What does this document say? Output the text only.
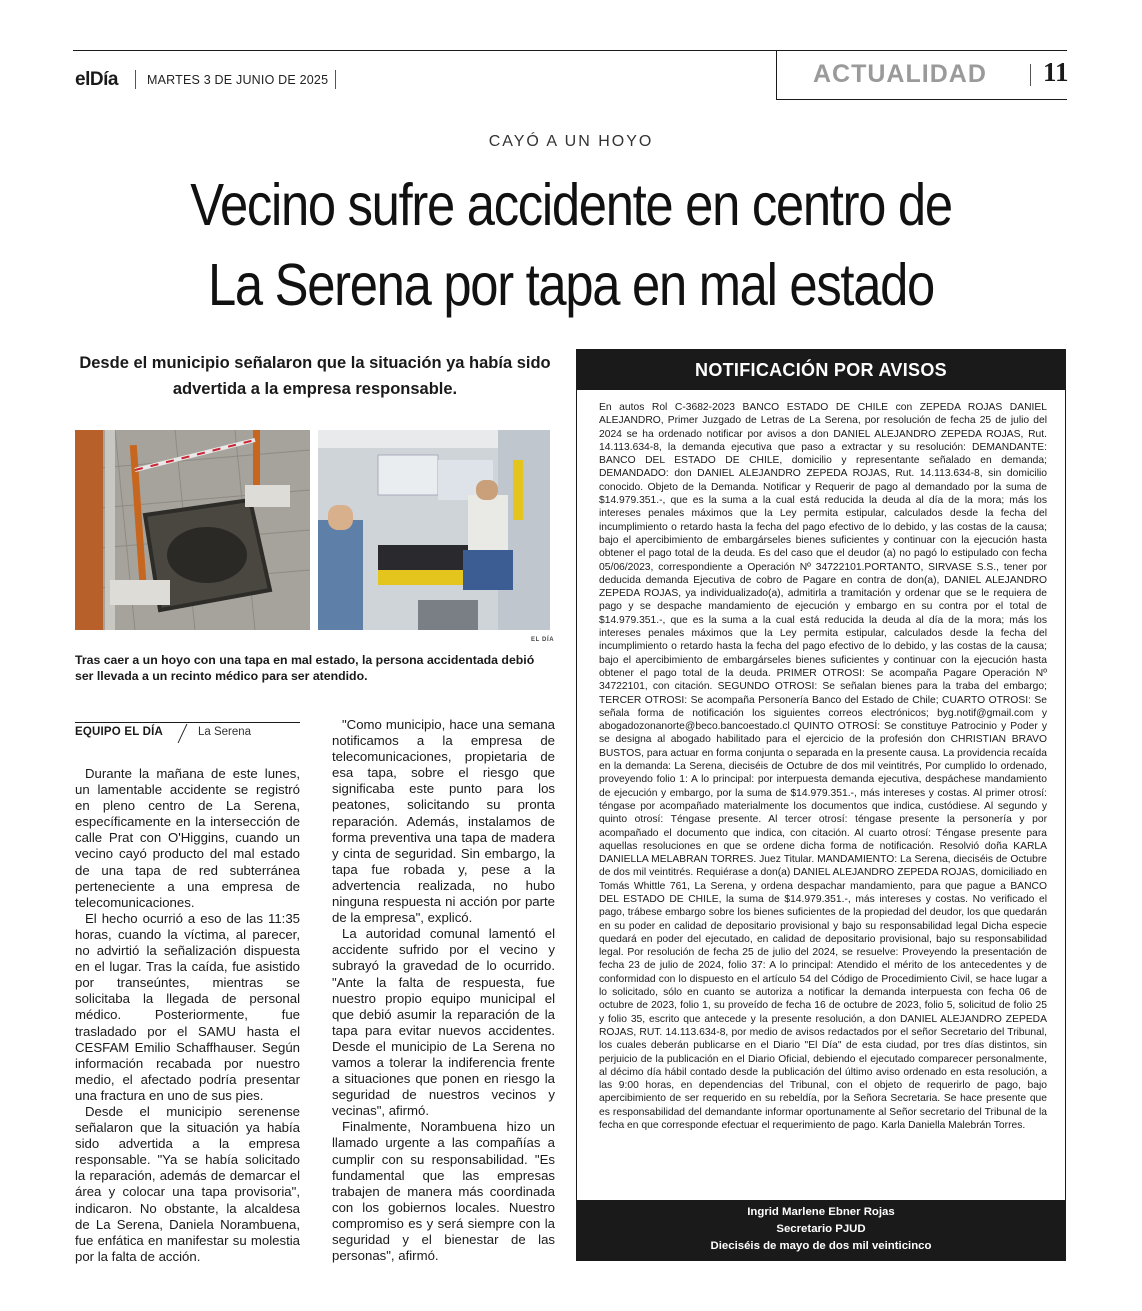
elDía MARTES 3 DE JUNIO DE 2025	ACTUALIDAD 11
CAYÓ A UN HOYO
Vecino sufre accidente en centro de
La Serena por tapa en mal estado
Desde el municipio señalaron que la situación ya había sido advertida a la empresa responsable.
EL DÍA
Tras caer a un hoyo con una tapa en mal estado, la persona accidentada debió ser llevada a un recinto médico para ser atendido.
EQUIPO EL DÍA	La Serena

Durante la mañana de este lunes, un lamentable accidente se registró en pleno centro de La Serena, específicamente en la intersección de calle Prat con O'Higgins, cuando un vecino cayó producto del mal estado de una tapa de red subterránea perteneciente a una empresa de telecomunicaciones.

El hecho ocurrió a eso de las 11:35 horas, cuando la víctima, al parecer, no advirtió la señalización dispuesta en el lugar. Tras la caída, fue asistido por transeúntes, mientras se solicitaba la llegada de personal médico. Posteriormente, fue trasladado por el SAMU hasta el CESFAM Emilio Schaffhauser. Según información recabada por nuestro medio, el afectado podría presentar una fractura en uno de sus pies.

Desde el municipio serenense señalaron que la situación ya había sido advertida a la empresa responsable. "Ya se había solicitado la reparación, además de demarcar el área y colocar una tapa provisoria", indicaron. No obstante, la alcaldesa de La Serena, Daniela Norambuena, fue enfática en manifestar su molestia por la falta de acción.

"Como municipio, hace una semana notificamos a la empresa de telecomunicaciones, propietaria de esa tapa, sobre el riesgo que significaba este punto para los peatones, solicitando su pronta reparación. Además, instalamos de forma preventiva una tapa de madera y cinta de seguridad. Sin embargo, la tapa fue robada y, pese a la advertencia realizada, no hubo ninguna respuesta ni acción por parte de la empresa", explicó.

La autoridad comunal lamentó el accidente sufrido por el vecino y subrayó la gravedad de lo ocurrido. "Ante la falta de respuesta, fue nuestro propio equipo municipal el que debió asumir la reparación de la tapa para evitar nuevos accidentes. Desde el municipio de La Serena no vamos a tolerar la indiferencia frente a situaciones que ponen en riesgo la seguridad de nuestros vecinos y vecinas", afirmó.

Finalmente, Norambuena hizo un llamado urgente a las compañías a cumplir con su responsabilidad. "Es fundamental que las empresas trabajen de manera más coordinada con los gobiernos locales. Nuestro compromiso es y será siempre con la seguridad y el bienestar de las personas", afirmó.

NOTIFICACIÓN POR AVISOS
En autos Rol C-3682-2023 BANCO ESTADO DE CHILE con ZEPEDA ROJAS DANIEL ALEJANDRO, Primer Juzgado de Letras de La Serena, por resolución de fecha 25 de julio del 2024 se ha ordenado notificar por avisos a don DANIEL ALEJANDRO ZEPEDA ROJAS, Rut. 14.113.634-8, la demanda ejecutiva que paso a extractar y su resolución: DEMANDANTE: BANCO DEL ESTADO DE CHILE, domicilio y representante señalado en demanda; DEMANDADO: don DANIEL ALEJANDRO ZEPEDA ROJAS, Rut. 14.113.634-8, sin domicilio conocido. Objeto de la Demanda. Notificar y Requerir de pago al demandado por la suma de $14.979.351.-, que es la suma a la cual está reducida la deuda al día de la mora; más los intereses penales máximos que la Ley permita estipular, calculados desde la fecha del incumplimiento o retardo hasta la fecha del pago efectivo de lo debido, y las costas de la causa; bajo el apercibimiento de embargárseles bienes suficientes y continuar con la ejecución hasta obtener el pago total de la deuda. Es del caso que el deudor (a) no pagó lo estipulado con fecha 05/06/2023, correspondiente a Operación Nº 34722101.PORTANTO, SIRVASE S.S., tener por deducida demanda Ejecutiva de cobro de Pagare en contra de don(a), DANIEL ALEJANDRO ZEPEDA ROJAS, ya individualizado(a), admitirla a tramitación y ordenar que se le requiera de pago y se despache mandamiento de ejecución y embargo en su contra por el total de $14.979.351.-, que es la suma a la cual está reducida la deuda al día de la mora; más los intereses penales máximos que la Ley permita estipular, calculados desde la fecha del incumplimiento o retardo hasta la fecha del pago efectivo de lo debido, y las costas de la causa; bajo el apercibimiento de embargárseles bienes suficientes y continuar con la ejecución hasta obtener el pago total de la deuda. PRIMER OTROSI: Se acompaña Pagare Operación Nº 34722101, con citación. SEGUNDO OTROSI: Se señalan bienes para la traba del embargo; TERCER OTROSI: Se acompaña Personería Banco del Estado de Chile; CUARTO OTROSI: Se señala forma de notificación los siguientes correos electrónicos; byg.notif@gmail.com y abogadozonanorte@beco.bancoestado.cl QUINTO OTROSÍ: Se constituye Patrocinio y Poder y se designa al abogado habilitado para el ejercicio de la profesión don CHRISTIAN BRAVO BUSTOS, para actuar en forma conjunta o separada en la presente causa. La providencia recaída en la demanda: La Serena, dieciséis de Octubre de dos mil veintitrés, Por cumplido lo ordenado, proveyendo folio 1: A lo principal: por interpuesta demanda ejecutiva, despáchese mandamiento de ejecución y embargo, por la suma de $14.979.351.-, más intereses y costas. Al primer otrosí: téngase por acompañado materialmente los documentos que indica, custódiese. Al segundo y quinto otrosí: Téngase presente. Al tercer otrosí: téngase presente la personería y por acompañado el documento que indica, con citación. Al cuarto otrosí: Téngase presente para aquellas resoluciones en que se ordene dicha forma de notificación. Resolvió doña KARLA DANIELLA MELABRAN TORRES. Juez Titular. MANDAMIENTO: La Serena, dieciséis de Octubre de dos mil veintitrés. Requiérase a don(a) DANIEL ALEJANDRO ZEPEDA ROJAS, domiciliado en Tomás Whittle 761, La Serena, y ordena despachar mandamiento, para que pague a BANCO DEL ESTADO DE CHILE, la suma de $14.979.351.-, más intereses y costas. No verificado el pago, trábese embargo sobre los bienes suficientes de la propiedad del deudor, los que quedarán en su poder en calidad de depositario provisional y bajo su responsabilidad legal Dicha especie quedará en poder del ejecutado, en calidad de depositario provisional, bajo su responsabilidad legal. Por resolución de fecha 25 de julio del 2024, se resuelve: Proveyendo la presentación de fecha 23 de julio de 2024, folio 37: A lo principal: Atendido el mérito de los antecedentes y de conformidad con lo dispuesto en el artículo 54 del Código de Procedimiento Civil, se hace lugar a lo solicitado, sólo en cuanto se autoriza a notificar la demanda interpuesta con fecha 06 de octubre de 2023, folio 1, su proveído de fecha 16 de octubre de 2023, folio 5, solicitud de folio 25 y folio 35, escrito que antecede y la presente resolución, a don DANIEL ALEJANDRO ZEPEDA ROJAS, RUT. 14.113.634-8, por medio de avisos redactados por el señor Secretario del Tribunal, los cuales deberán publicarse en el Diario "El Día" de esta ciudad, por tres días distintos, sin perjuicio de la publicación en el Diario Oficial, debiendo el ejecutado comparecer personalmente, al décimo día hábil contado desde la publicación del último aviso ordenado en esta resolución, a las 9:00 horas, en dependencias del Tribunal, con el objeto de requerirlo de pago, bajo apercibimiento de ser requerido en su rebeldía, por la Señora Secretaria. Se hace presente que es responsabilidad del demandante informar oportunamente al Señor secretario del Tribunal de la fecha en que corresponde efectuar el requerimiento de pago. Karla Daniella Malebrán Torres.
Ingrid Marlene Ebner Rojas
Secretario PJUD
Dieciséis de mayo de dos mil veinticinco
